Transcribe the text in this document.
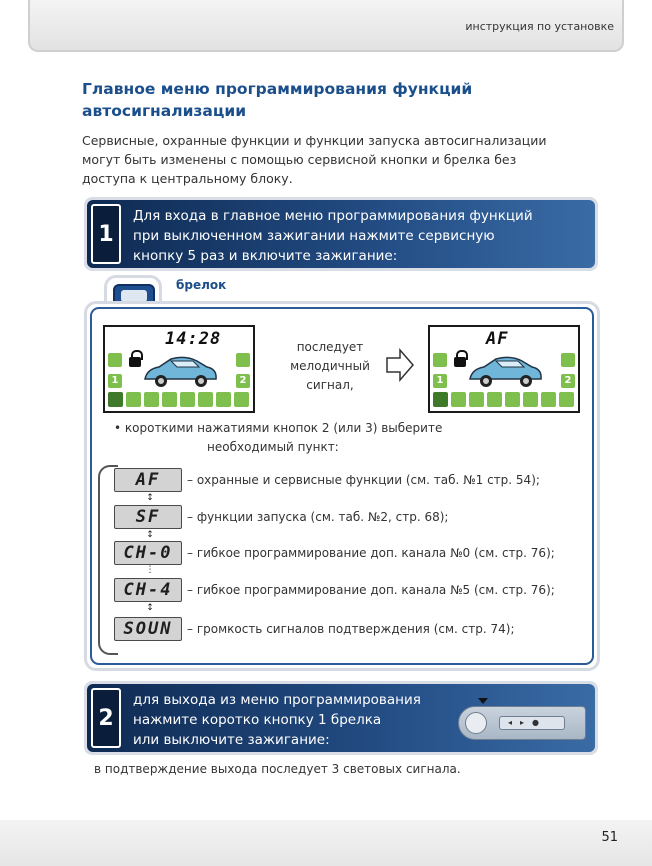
инструкция по установке
Главное меню программирования функций
автосигнализации
Сервисные, охранные функции и функции запуска автосигнализации
могут быть изменены с помощью сервисной кнопки и брелка без
доступа к центральному блоку.
1
Для входа в главное меню программирования функций
при выключенном зажигании нажмите сервисную
кнопку 5 раз и включите зажигание:
брелок
14:28
1	2
последует
мелодичный
сигнал,
AF
1	2
• короткими нажатиями кнопок 2 (или 3) выберите
необходимый пункт:
AF	– охранные и сервисные функции (см. таб. №1 стр. 54);
↕
SF	– функции запуска (см. таб. №2, стр. 68);
↕
CH-0	– гибкое программирование доп. канала №0 (см. стр. 76);
⋮
CH-4	– гибкое программирование доп. канала №5 (см. стр. 76);
↕
SOUN	– громкость сигналов подтверждения (см. стр. 74);
2
для выхода из меню программирования
нажмите коротко кнопку 1 брелка
или выключите зажигание:
◂▸●
в подтверждение выхода последует 3 световых сигнала.
51
